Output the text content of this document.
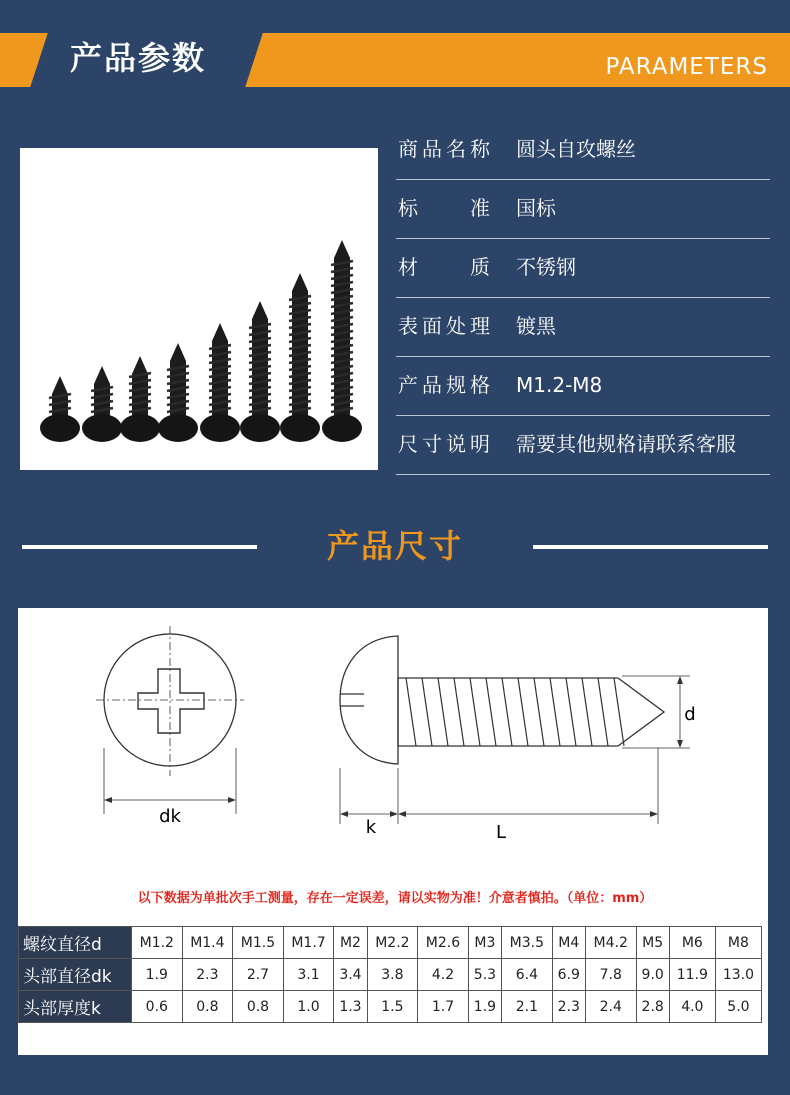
产品参数	PARAMETERS
商品名称 圆头自攻螺丝
标准 国标
材质 不锈钢
表面处理 镀黑
产品规格 M1.2-M8
尺寸说明 需要其他规格请联系客服
产品尺寸
dk
d
k	L
以下数据为单批次手工测量，存在一定误差，请以实物为准！介意者慎拍。（单位：mm）
螺纹直径d	M1.2	M1.4	M1.5	M1.7	M2	M2.2	M2.6	M3	M3.5	M4	M4.2	M5	M6	M8
头部直径dk	1.9	2.3	2.7	3.1	3.4	3.8	4.2	5.3	6.4	6.9	7.8	9.0	11.9	13.0
头部厚度k	0.6	0.8	0.8	1.0	1.3	1.5	1.7	1.9	2.1	2.3	2.4	2.8	4.0	5.0
